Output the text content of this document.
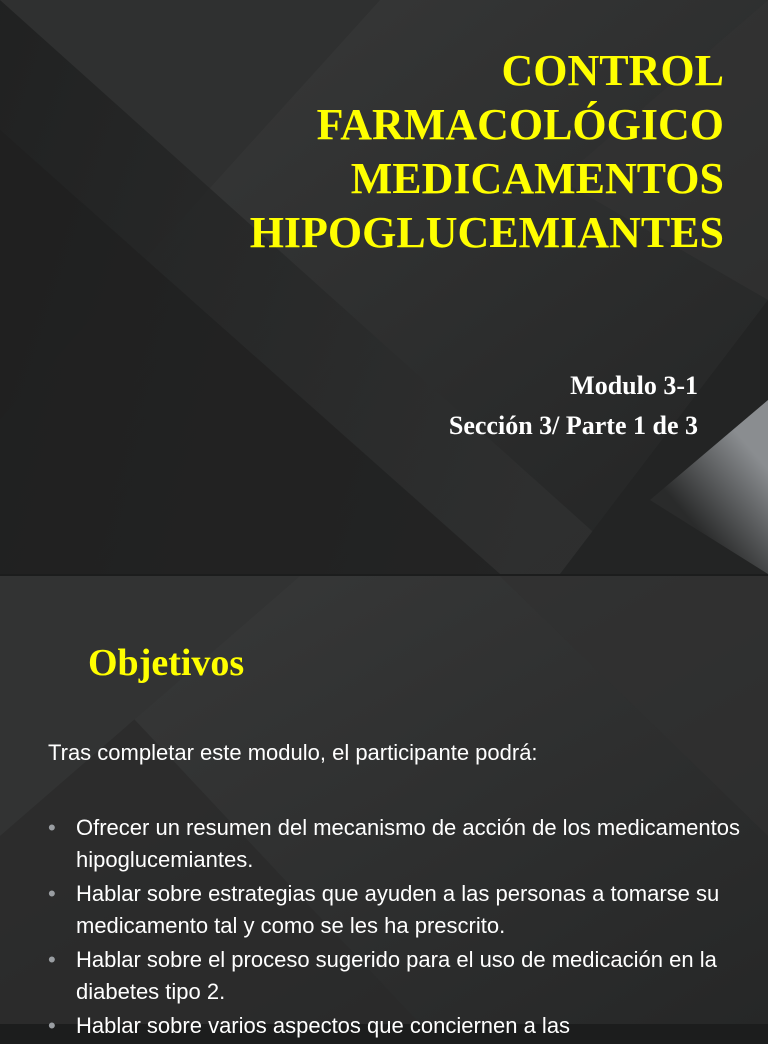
CONTROL
FARMACOLÓGICO
MEDICAMENTOS
HIPOGLUCEMIANTES
Modulo 3-1
Sección 3/ Parte 1 de 3
Objetivos
Tras completar este modulo, el participante podrá:
• Ofrecer un resumen del mecanismo de acción de los medicamentos hipoglucemiantes.
• Hablar sobre estrategias que ayuden a las personas a tomarse su medicamento tal y como se les ha prescrito.
• Hablar sobre el proceso sugerido para el uso de medicación en la diabetes tipo 2.
• Hablar sobre varios aspectos que conciernen a las
